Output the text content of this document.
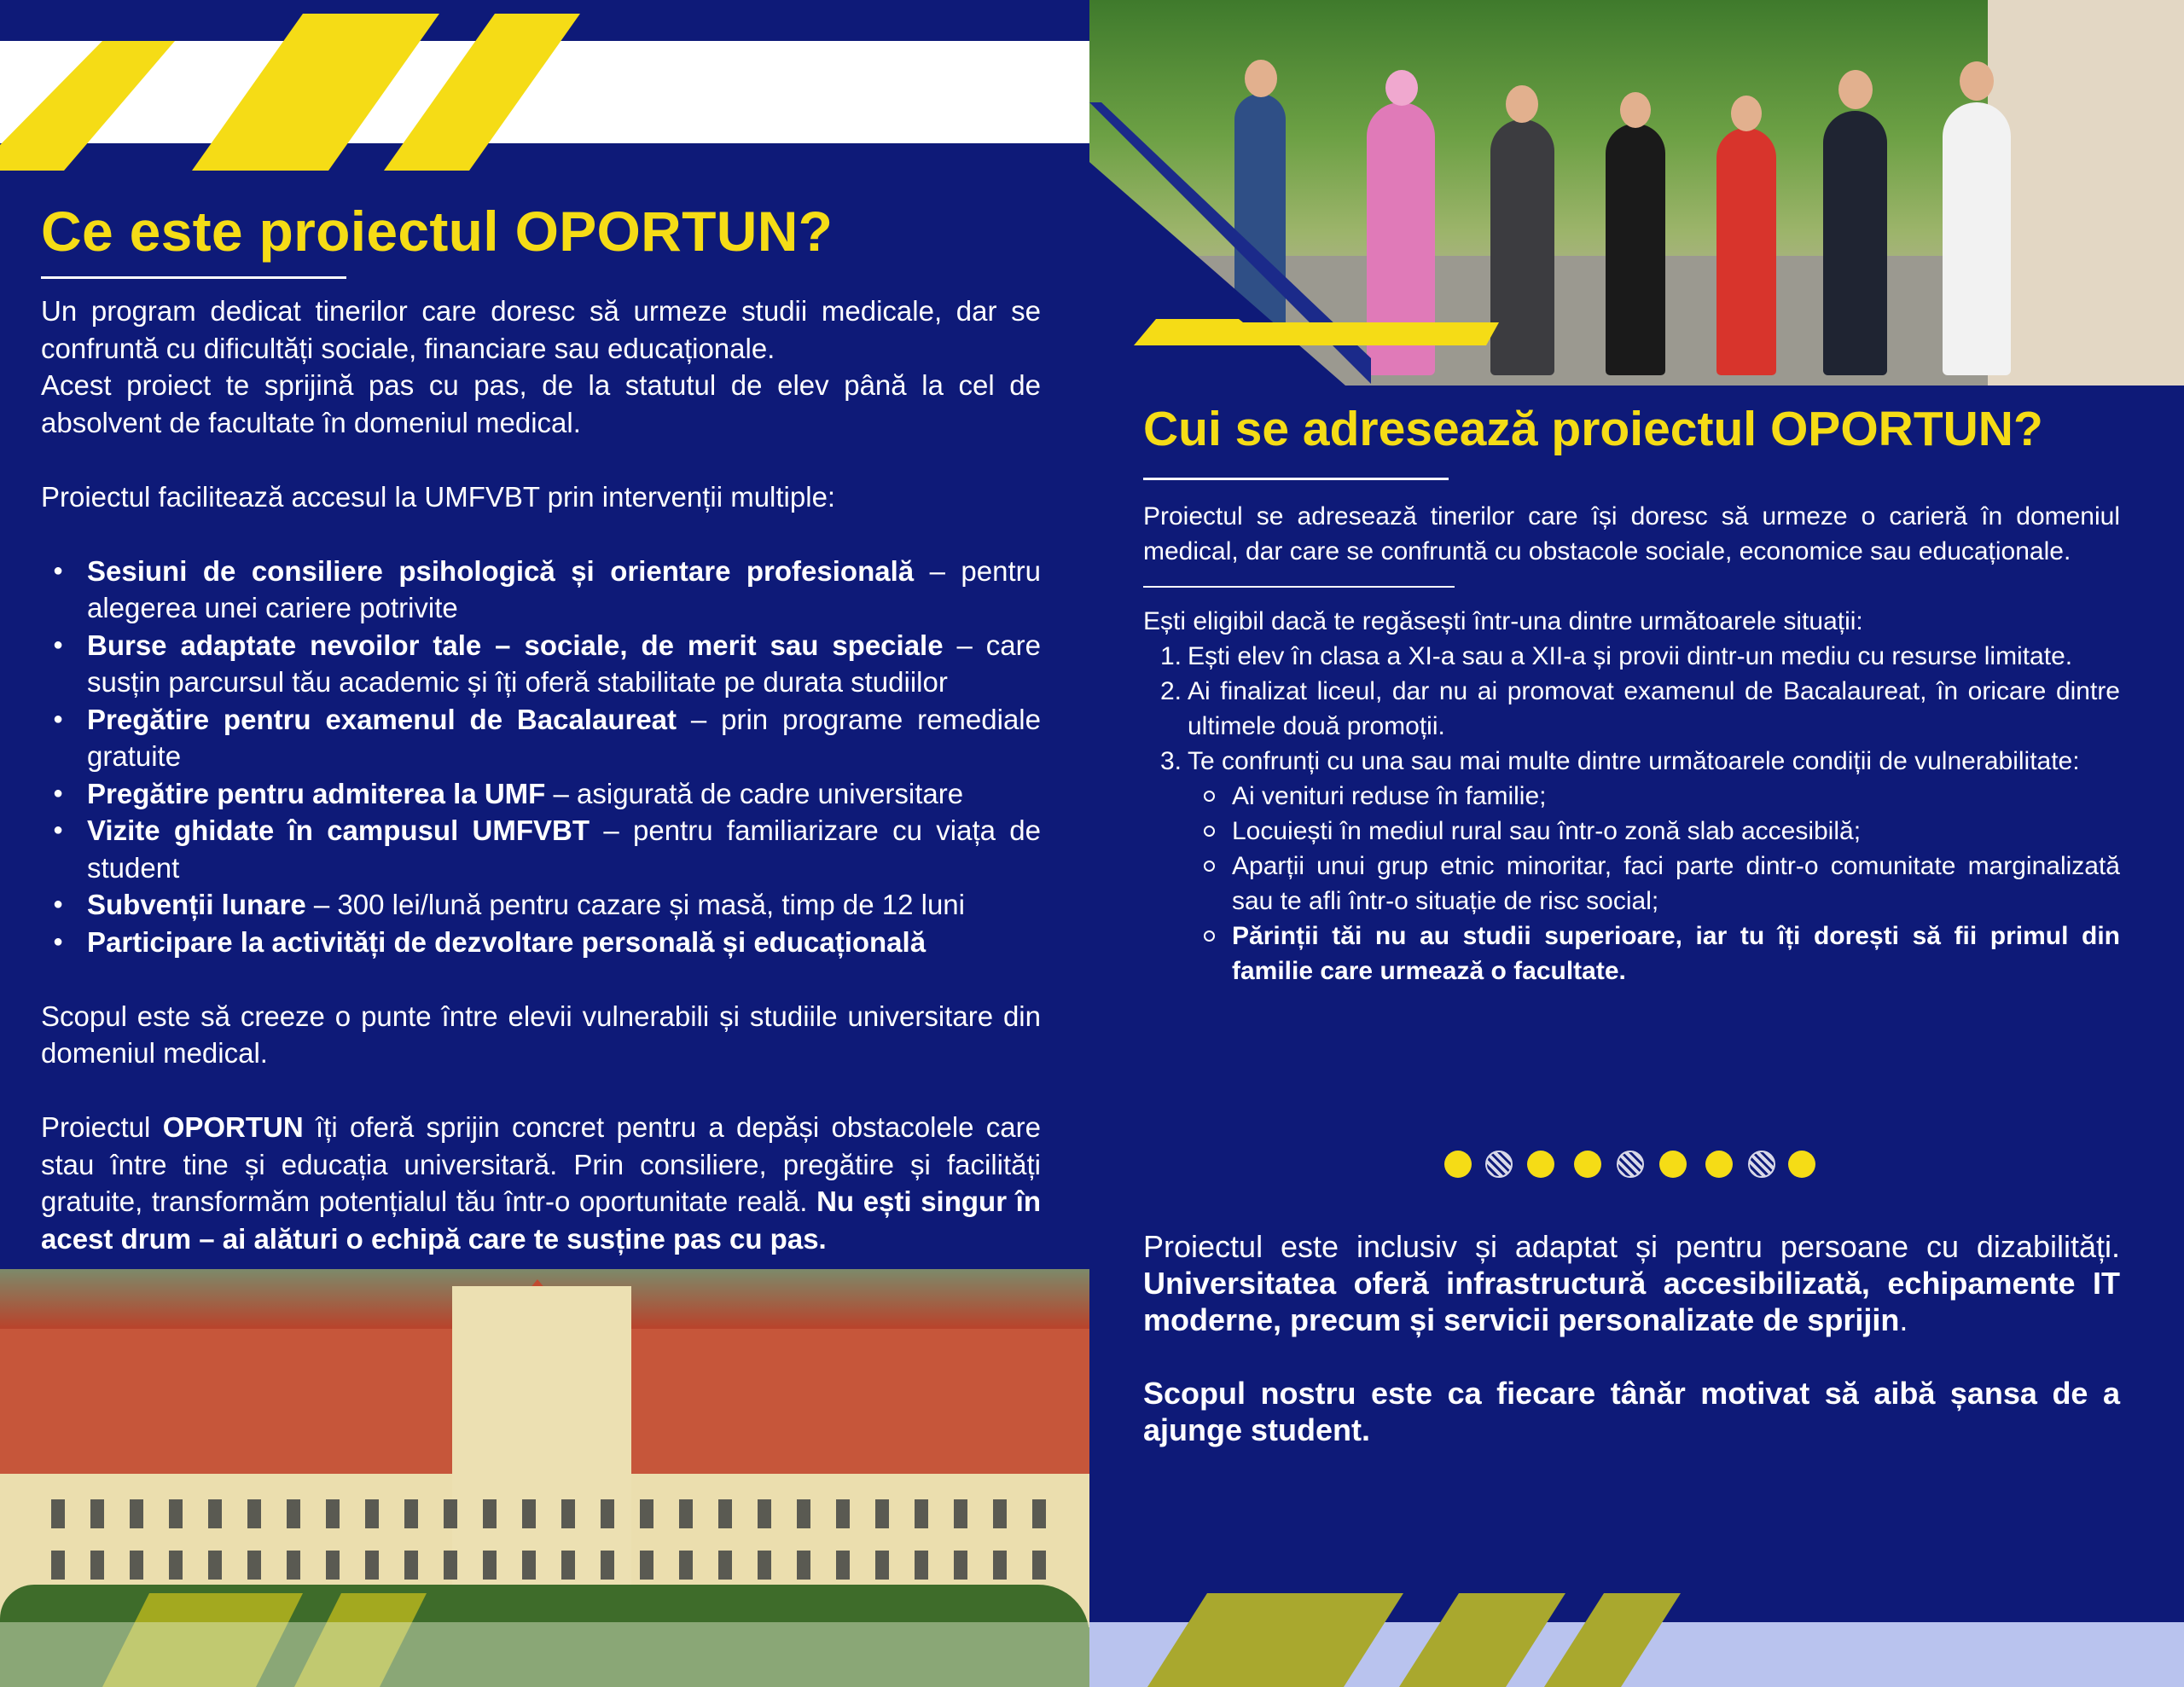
Ce este proiectul OPORTUN?

Un program dedicat tinerilor care doresc să urmeze studii medicale, dar se confruntă cu dificultăți sociale, financiare sau educaționale.

Acest proiect te sprijină pas cu pas, de la statutul de elev până la cel de absolvent de facultate în domeniul medical.

Proiectul facilitează accesul la UMFVBT prin intervenții multiple:

● Sesiuni de consiliere psihologică și orientare profesională – pentru alegerea unei cariere potrivite
● Burse adaptate nevoilor tale – sociale, de merit sau speciale – care susțin parcursul tău academic și îți oferă stabilitate pe durata studiilor
● Pregătire pentru examenul de Bacalaureat – prin programe remediale gratuite
● Pregătire pentru admiterea la UMF – asigurată de cadre universitare
● Vizite ghidate în campusul UMFVBT – pentru familiarizare cu viața de student
● Subvenții lunare – 300 lei/lună pentru cazare și masă, timp de 12 luni
● Participare la activități de dezvoltare personală și educațională

Scopul este să creeze o punte între elevii vulnerabili și studiile universitare din domeniul medical.

Proiectul OPORTUN îți oferă sprijin concret pentru a depăși obstacolele care stau între tine și educația universitară. Prin consiliere, pregătire și facilități gratuite, transformăm potențialul tău într-o oportunitate reală. Nu ești singur în acest drum – ai alături o echipă care te susține pas cu pas.

Cui se adresează proiectul OPORTUN?

Proiectul se adresează tinerilor care își doresc să urmeze o carieră în domeniul medical, dar care se confruntă cu obstacole sociale, economice sau educaționale.

Ești eligibil dacă te regăsești într-una dintre următoarele situații:

1. Ești elev în clasa a XI-a sau a XII-a și provii dintr-un mediu cu resurse limitate.
2. Ai finalizat liceul, dar nu ai promovat examenul de Bacalaureat, în oricare dintre ultimele două promoții.
3. Te confrunți cu una sau mai multe dintre următoarele condiții de vulnerabilitate:
Ai venituri reduse în familie;
Locuiești în mediul rural sau într-o zonă slab accesibilă;
Aparții unui grup etnic minoritar, faci parte dintr-o comunitate marginalizată sau te afli într-o situație de risc social;
Părinții tăi nu au studii superioare, iar tu îți dorești să fii primul din familie care urmează o facultate.

Proiectul este inclusiv și adaptat și pentru persoane cu dizabilități. Universitatea oferă infrastructură accesibilizată, echipamente IT moderne, precum și servicii personalizate de sprijin.

Scopul nostru este ca fiecare tânăr motivat să aibă șansa de a ajunge student.
